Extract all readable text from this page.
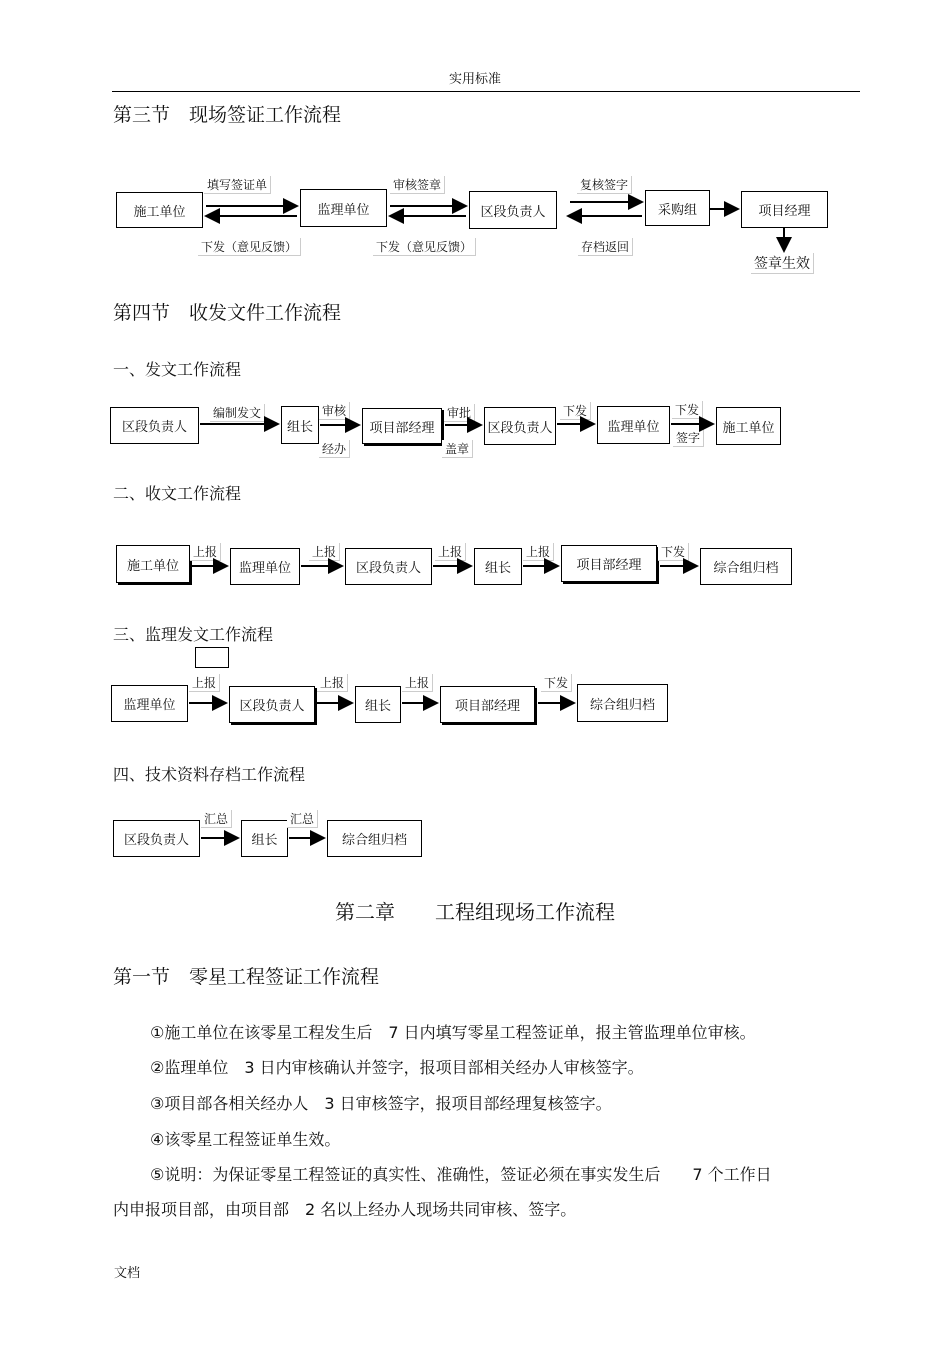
实用标准
第三节　现场签证工作流程
施工单位	监理单位	区段负责人	采购组	项目经理
填写签证单	审核签章	复核签字
下发（意见反馈）	下发（意见反馈）	存档返回
签章生效
第四节　收发文件工作流程
一、发文工作流程
区段负责人	组长	项目部经理	区段负责人	监理单位	施工单位
编制发文	审核
经办
审批
盖章
下发	下发
签字
二、收文工作流程
施工单位	监理单位	区段负责人	组长	项目部经理	综合组归档
上报	上报	上报	上报	下发
三、监理发文工作流程
监理单位	区段负责人	组长	项目部经理	综合组归档
上报	上报	上报	下发
四、技术资料存档工作流程
区段负责人	组长	综合组归档
汇总	汇总
第二章　　工程组现场工作流程
第一节　零星工程签证工作流程
①施工单位在该零星工程发生后　7 日内填写零星工程签证单，报主管监理单位审核。
②监理单位　3 日内审核确认并签字，报项目部相关经办人审核签字。
③项目部各相关经办人　3 日审核签字，报项目部经理复核签字。
④该零星工程签证单生效。
⑤说明：为保证零星工程签证的真实性、准确性，签证必须在事实发生后　　7 个工作日
内申报项目部，由项目部　2 名以上经办人现场共同审核、签字。
文档
